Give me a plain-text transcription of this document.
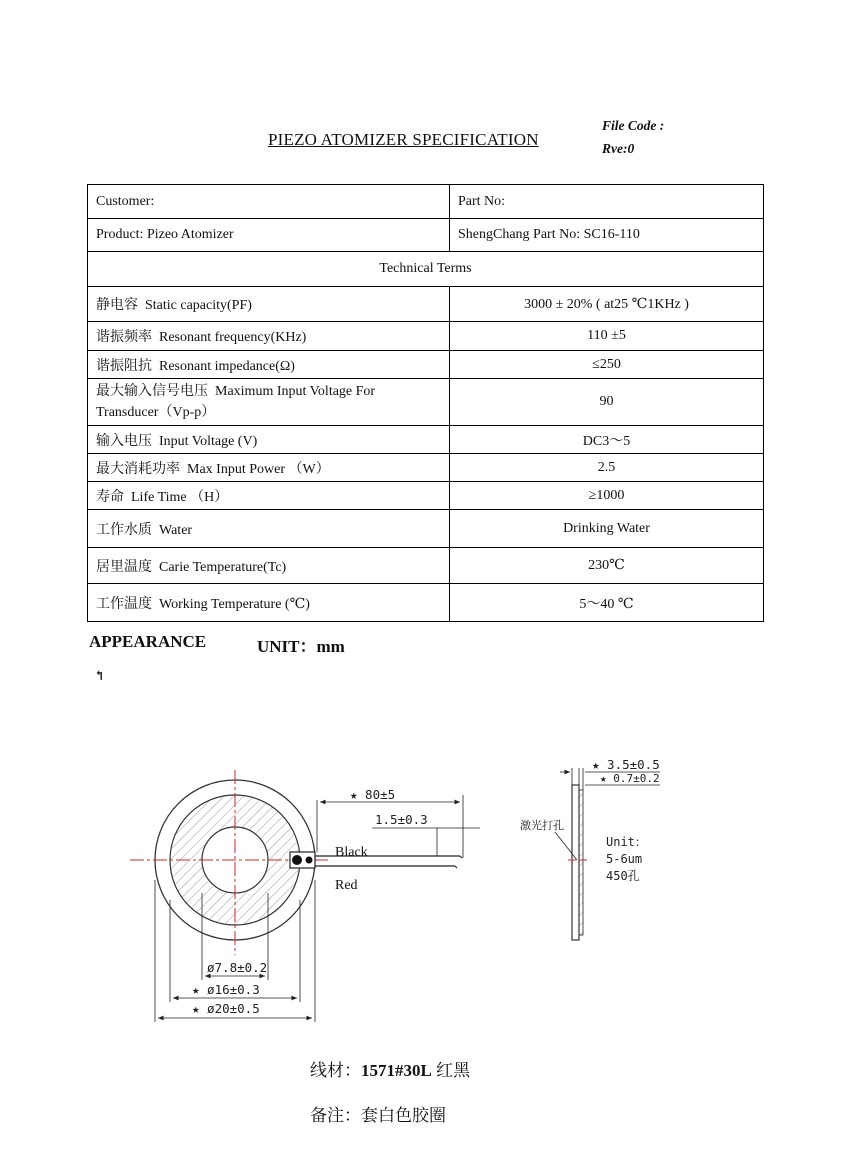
PIEZO ATOMIZER SPECIFICATION
File Code :
Rve:0
Customer:	Part No:
Product: Pizeo Atomizer	ShengChang Part No: SC16-110
Technical Terms	
静电容 Static capacity(PF)	3000 ± 20% ( at25 ℃1KHz )
谐振频率 Resonant frequency(KHz)	110 ±5
谐振阻抗 Resonant impedance(Ω)	≤250
最大输入信号电压 Maximum Input Voltage For
Transducer（Vp-p）	90
输入电压 Input Voltage (V)	DC3～5
最大消耗功率 Max Input Power （W）	2.5
寿命 Life Time （H）	≥1000
工作水质 Water	Drinking Water
居里温度 Carie Temperature(Tc)	230℃
工作温度 Working Temperature (℃)	5～40 ℃
APPEARANCE	UNIT：mm
↰
★ 80±5
1.5±0.3
Black
Red
ø7.8±0.2
★ ø16±0.3
★ ø20±0.5
★ 3.5±0.5
★ 0.7±0.2
激光打孔
Unit：
5-6um
450孔
线材：1571#30L 红黑
备注：套白色胶圈
